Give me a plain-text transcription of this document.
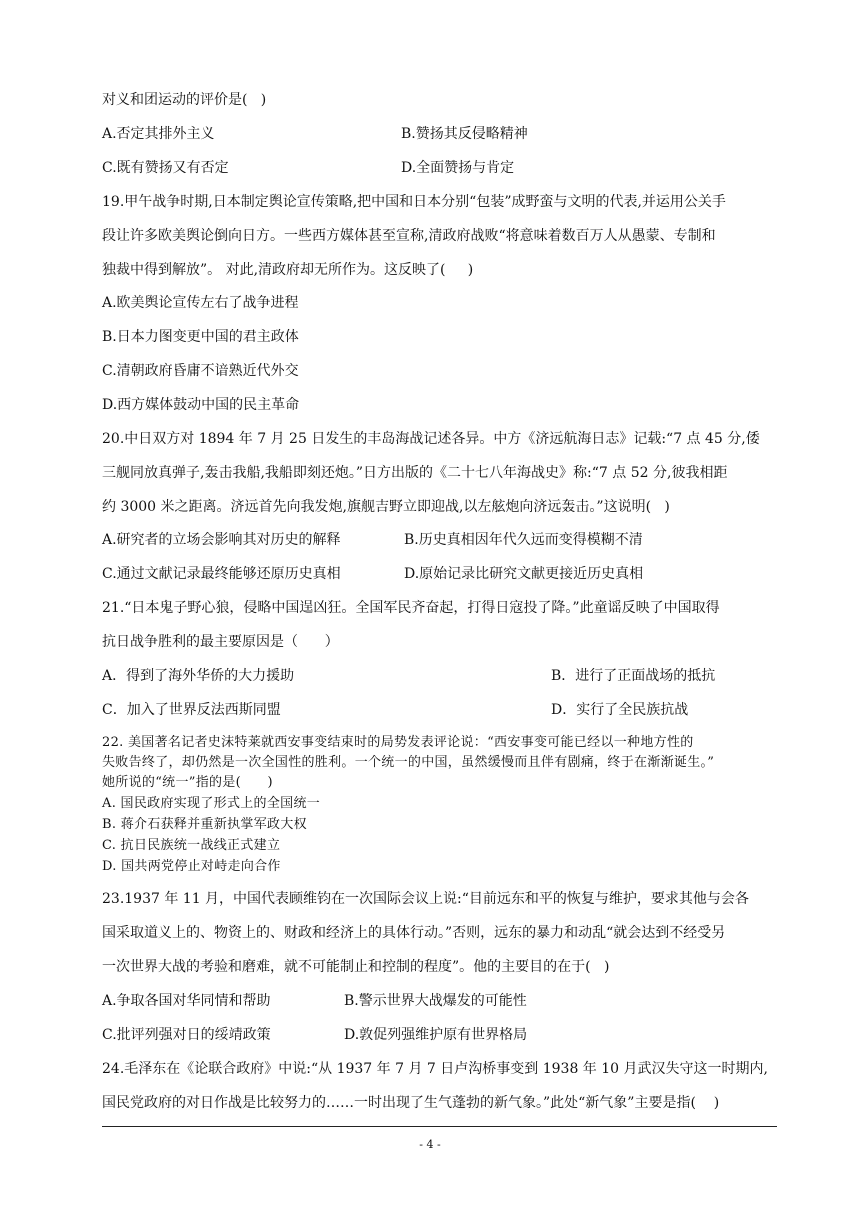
对义和团运动的评价是(   )
A.否定其排外主义	B.赞扬其反侵略精神
C.既有赞扬又有否定	D.全面赞扬与肯定
19.甲午战争时期,日本制定舆论宣传策略,把中国和日本分别“包装”成野蛮与文明的代表,并运用公关手
段让许多欧美舆论倒向日方。一些西方媒体甚至宣称,清政府战败“将意味着数百万人从愚蒙、专制和
独裁中得到解放”。 对此,清政府却无所作为。这反映了(     )
A.欧美舆论宣传左右了战争进程
B.日本力图变更中国的君主政体
C.清朝政府昏庸不谙熟近代外交
D.西方媒体鼓动中国的民主革命
20.中日双方对 1894 年 7 月 25 日发生的丰岛海战记述各异。中方《济远航海日志》记载:“7 点 45 分,倭
三舰同放真弹子,轰击我船,我船即刻还炮。”日方出版的《二十七八年海战史》称:“7 点 52 分,彼我相距
约 3000 米之距离。济远首先向我发炮,旗舰吉野立即迎战,以左舷炮向济远轰击。”这说明(   )
A.研究者的立场会影响其对历史的解释	B.历史真相因年代久远而变得模糊不清
C.通过文献记录最终能够还原历史真相	D.原始记录比研究文献更接近历史真相
21.“日本鬼子野心狼，侵略中国逞凶狂。全国军民齐奋起，打得日寇投了降。”此童谣反映了中国取得
抗日战争胜利的最主要原因是（      ）
A．得到了海外华侨的大力援助	B．进行了正面战场的抵抗
C．加入了世界反法西斯同盟	D．实行了全民族抗战
22. 美国著名记者史沫特莱就西安事变结束时的局势发表评论说：“西安事变可能已经以一种地方性的
失败告终了，却仍然是一次全国性的胜利。一个统一的中国，虽然缓慢而且伴有剧痛，终于在渐渐诞生。”
她所说的“统一”指的是(      )
A. 国民政府实现了形式上的全国统一
B. 蒋介石获释并重新执掌军政大权
C. 抗日民族统一战线正式建立
D. 国共两党停止对峙走向合作
23.1937 年 11 月，中国代表顾维钧在一次国际会议上说:“目前远东和平的恢复与维护，要求其他与会各
国采取道义上的、物资上的、财政和经济上的具体行动。”否则，远东的暴力和动乱“就会达到不经受另
一次世界大战的考验和磨难，就不可能制止和控制的程度”。他的主要目的在于(   )
A.争取各国对华同情和帮助	B.警示世界大战爆发的可能性
C.批评列强对日的绥靖政策	D.敦促列强维护原有世界格局
24.毛泽东在《论联合政府》中说:“从 1937 年 7 月 7 日卢沟桥事变到 1938 年 10 月武汉失守这一时期内,
国民党政府的对日作战是比较努力的……一时出现了生气蓬勃的新气象。”此处“新气象”主要是指(    )
- 4 -
